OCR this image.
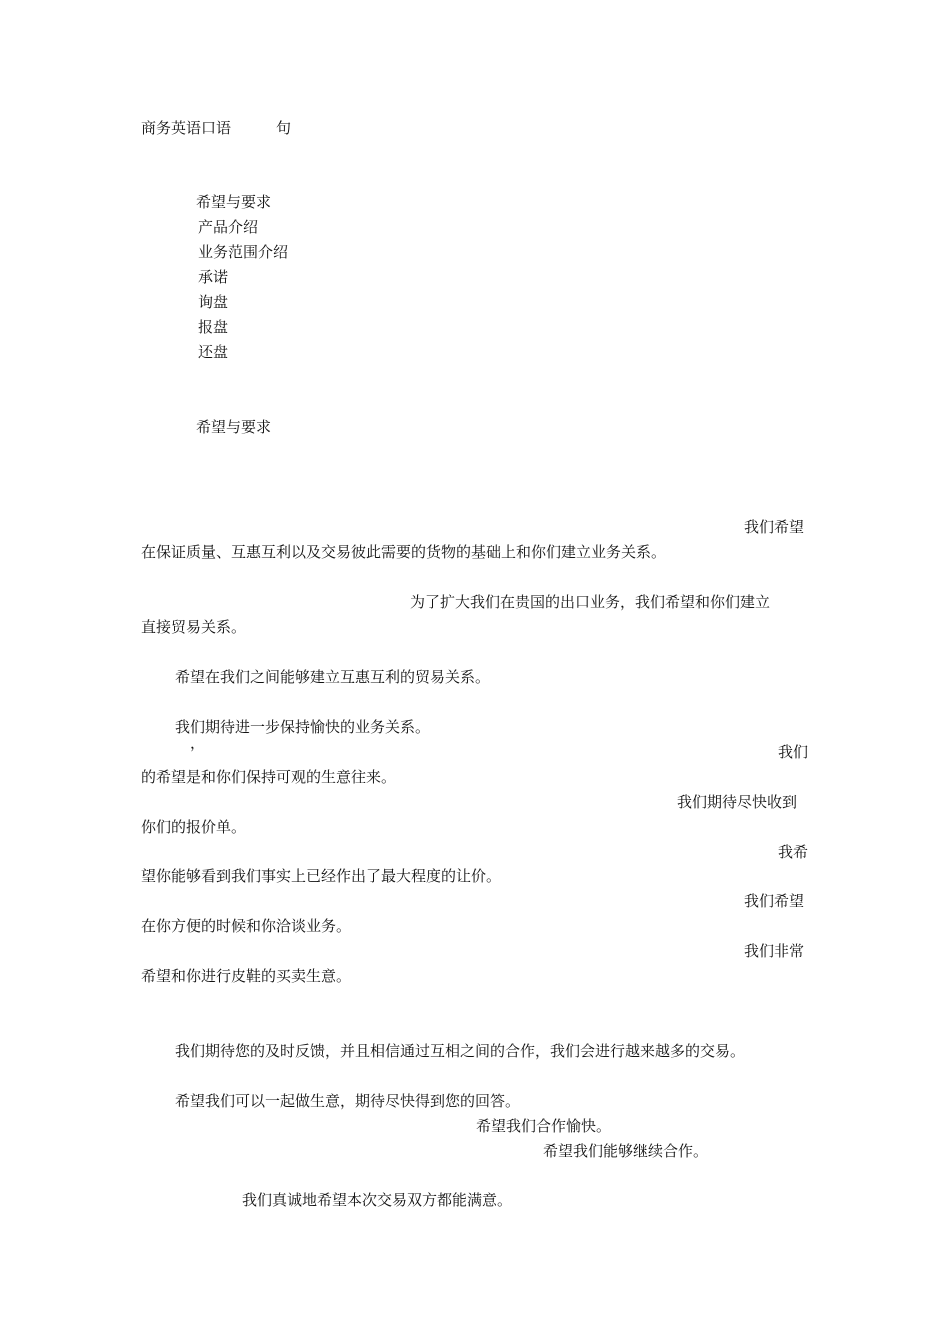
商务英语口语	句
希望与要求
产品介绍
业务范围介绍
承诺
询盘
报盘
还盘
希望与要求
我们希望
在保证质量、互惠互利以及交易彼此需要的货物的基础上和你们建立业务关系。
为了扩大我们在贵国的出口业务，我们希望和你们建立
直接贸易关系。
希望在我们之间能够建立互惠互利的贸易关系。
我们期待进一步保持愉快的业务关系。
，	我们
的希望是和你们保持可观的生意往来。
我们期待尽快收到
你们的报价单。
我希
望你能够看到我们事实上已经作出了最大程度的让价。
我们希望
在你方便的时候和你洽谈业务。
我们非常
希望和你进行皮鞋的买卖生意。
我们期待您的及时反馈，并且相信通过互相之间的合作，我们会进行越来越多的交易。
希望我们可以一起做生意，期待尽快得到您的回答。
希望我们合作愉快。
希望我们能够继续合作。
我们真诚地希望本次交易双方都能满意。
